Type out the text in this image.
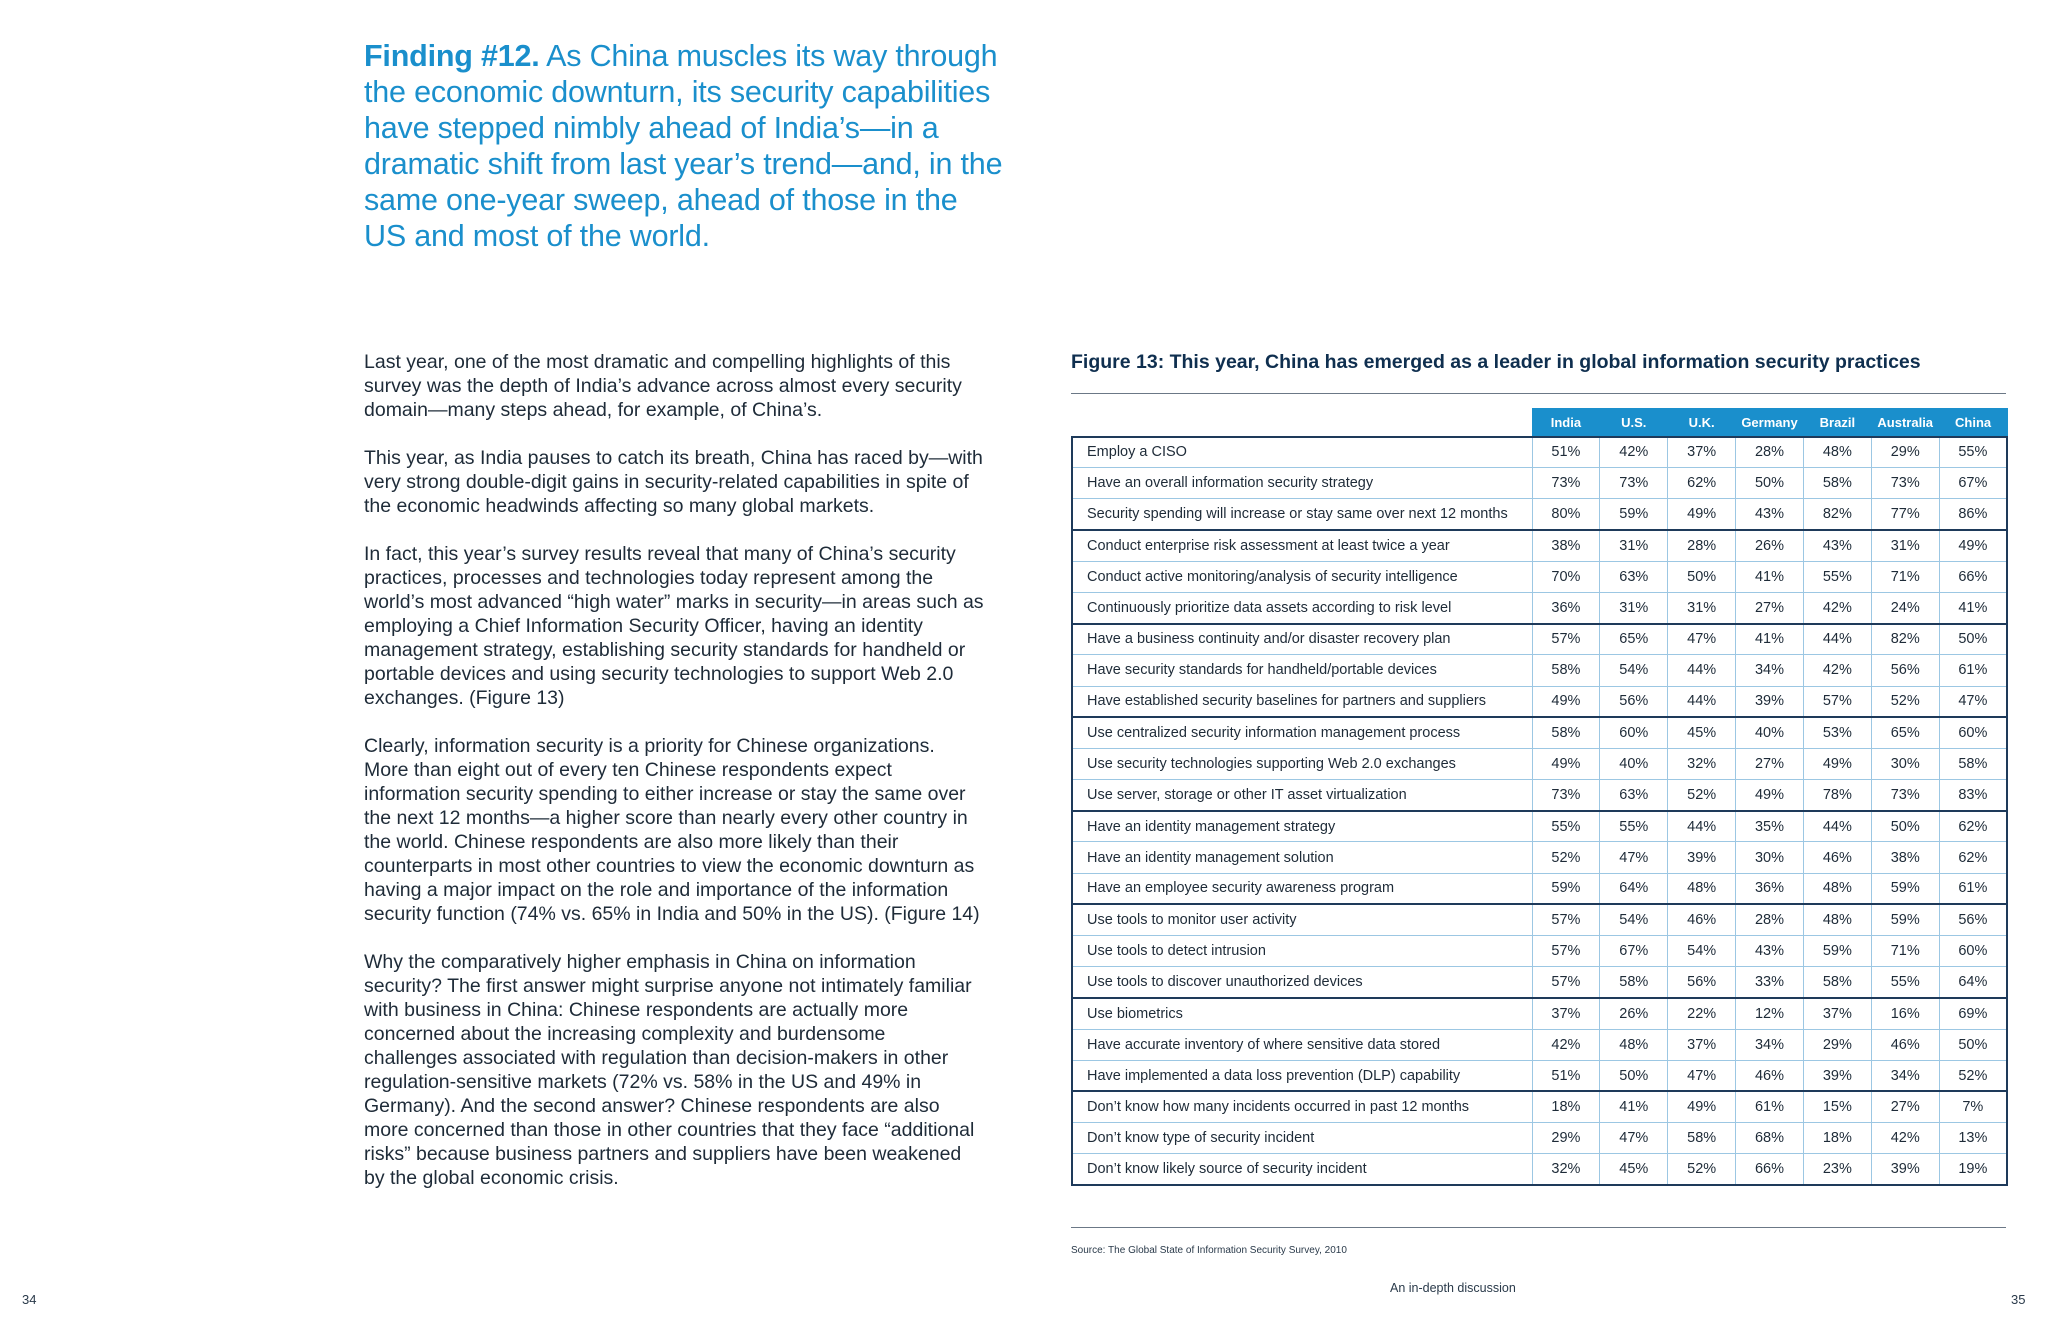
Finding #12. As China muscles its way through the economic downturn, its security capabilities have stepped nimbly ahead of India’s—in a dramatic shift from last year’s trend—and, in the same one-year sweep, ahead of those in the US and most of the world.

Last year, one of the most dramatic and compelling highlights of this survey was the depth of India’s advance across almost every security domain—many steps ahead, for example, of China’s.

This year, as India pauses to catch its breath, China has raced by—with very strong double-digit gains in security-related capabilities in spite of the economic headwinds affecting so many global markets.

In fact, this year’s survey results reveal that many of China’s security practices, processes and technologies today represent among the world’s most advanced “high water” marks in security—in areas such as employing a Chief Information Security Officer, having an identity management strategy, establishing security standards for handheld or portable devices and using security technologies to support Web 2.0 exchanges. (Figure 13)

Clearly, information security is a priority for Chinese organizations. More than eight out of every ten Chinese respondents expect information security spending to either increase or stay the same over the next 12 months—a higher score than nearly every other country in the world. Chinese respondents are also more likely than their counterparts in most other countries to view the economic downturn as having a major impact on the role and importance of the information security function (74% vs. 65% in India and 50% in the US). (Figure 14)

Why the comparatively higher emphasis in China on information security? The first answer might surprise anyone not intimately familiar with business in China: Chinese respondents are actually more concerned about the increasing complexity and burdensome challenges associated with regulation than decision-makers in other regulation-sensitive markets (72% vs. 58% in the US and 49% in Germany). And the second answer? Chinese respondents are also more concerned than those in other countries that they face “additional risks” because business partners and suppliers have been weakened by the global economic crisis.

Figure 13: This year, China has emerged as a leader in global information security practices
	India	U.S.	U.K.	Germany	Brazil	Australia	China
Employ a CISO	51%	42%	37%	28%	48%	29%	55%
Have an overall information security strategy	73%	73%	62%	50%	58%	73%	67%
Security spending will increase or stay same over next 12 months	80%	59%	49%	43%	82%	77%	86%
Conduct enterprise risk assessment at least twice a year	38%	31%	28%	26%	43%	31%	49%
Conduct active monitoring/analysis of security intelligence	70%	63%	50%	41%	55%	71%	66%
Continuously prioritize data assets according to risk level	36%	31%	31%	27%	42%	24%	41%
Have a business continuity and/or disaster recovery plan	57%	65%	47%	41%	44%	82%	50%
Have security standards for handheld/portable devices	58%	54%	44%	34%	42%	56%	61%
Have established security baselines for partners and suppliers	49%	56%	44%	39%	57%	52%	47%
Use centralized security information management process	58%	60%	45%	40%	53%	65%	60%
Use security technologies supporting Web 2.0 exchanges	49%	40%	32%	27%	49%	30%	58%
Use server, storage or other IT asset virtualization	73%	63%	52%	49%	78%	73%	83%
Have an identity management strategy	55%	55%	44%	35%	44%	50%	62%
Have an identity management solution	52%	47%	39%	30%	46%	38%	62%
Have an employee security awareness program	59%	64%	48%	36%	48%	59%	61%
Use tools to monitor user activity	57%	54%	46%	28%	48%	59%	56%
Use tools to detect intrusion	57%	67%	54%	43%	59%	71%	60%
Use tools to discover unauthorized devices	57%	58%	56%	33%	58%	55%	64%
Use biometrics	37%	26%	22%	12%	37%	16%	69%
Have accurate inventory of where sensitive data stored	42%	48%	37%	34%	29%	46%	50%
Have implemented a data loss prevention (DLP) capability	51%	50%	47%	46%	39%	34%	52%
Don’t know how many incidents occurred in past 12 months	18%	41%	49%	61%	15%	27%	7%
Don’t know type of security incident	29%	47%	58%	68%	18%	42%	13%
Don’t know likely source of security incident	32%	45%	52%	66%	23%	39%	19%
Source: The Global State of Information Security Survey, 2010
An in-depth discussion
34	35
